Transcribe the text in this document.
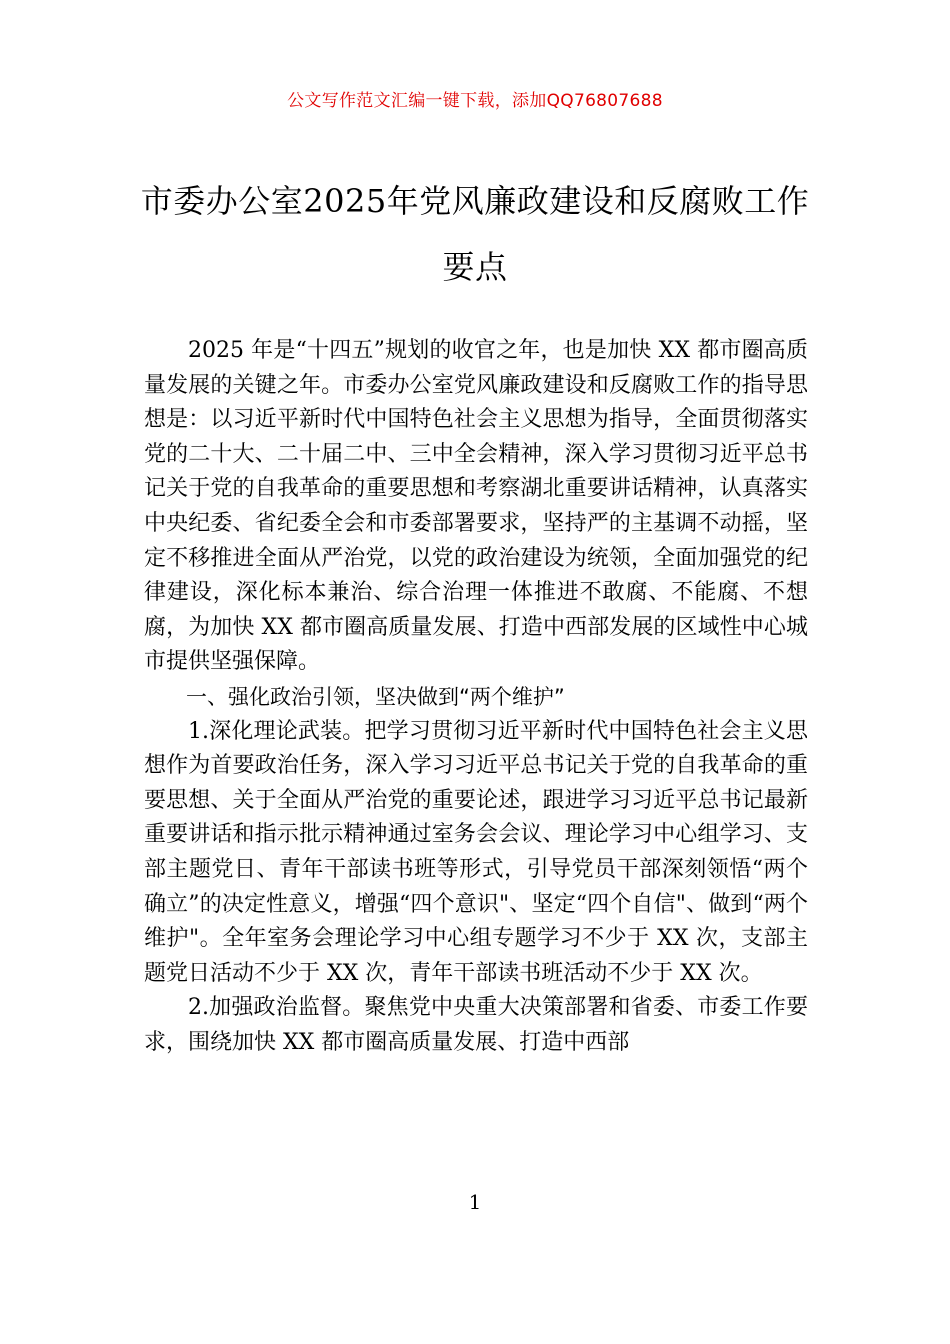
公文写作范文汇编一键下载，添加QQ76807688
市委办公室2025年党风廉政建设和反腐败工作要点

2025 年是“十四五”规划的收官之年，也是加快 XX 都市圈高质量发展的关键之年。市委办公室党风廉政建设和反腐败工作的指导思想是：以习近平新时代中国特色社会主义思想为指导，全面贯彻落实党的二十大、二十届二中、三中全会精神，深入学习贯彻习近平总书记关于党的自我革命的重要思想和考察湖北重要讲话精神，认真落实中央纪委、省纪委全会和市委部署要求，坚持严的主基调不动摇，坚定不移推进全面从严治党，以党的政治建设为统领，全面加强党的纪律建设，深化标本兼治、综合治理一体推进不敢腐、不能腐、不想腐，为加快 XX 都市圈高质量发展、打造中西部发展的区域性中心城市提供坚强保障。

一、强化政治引领，坚决做到“两个维护”

1.深化理论武装。把学习贯彻习近平新时代中国特色社会主义思想作为首要政治任务，深入学习习近平总书记关于党的自我革命的重要思想、关于全面从严治党的重要论述，跟进学习习近平总书记最新重要讲话和指示批示精神通过室务会会议、理论学习中心组学习、支部主题党日、青年干部读书班等形式，引导党员干部深刻领悟“两个确立”的决定性意义，增强“四个意识"、坚定“四个自信"、做到“两个维护"。全年室务会理论学习中心组专题学习不少于 XX 次，支部主题党日活动不少于 XX 次，青年干部读书班活动不少于 XX 次。

2.加强政治监督。聚焦党中央重大决策部署和省委、市委工作要求，围绕加快 XX 都市圈高质量发展、打造中西部

1
